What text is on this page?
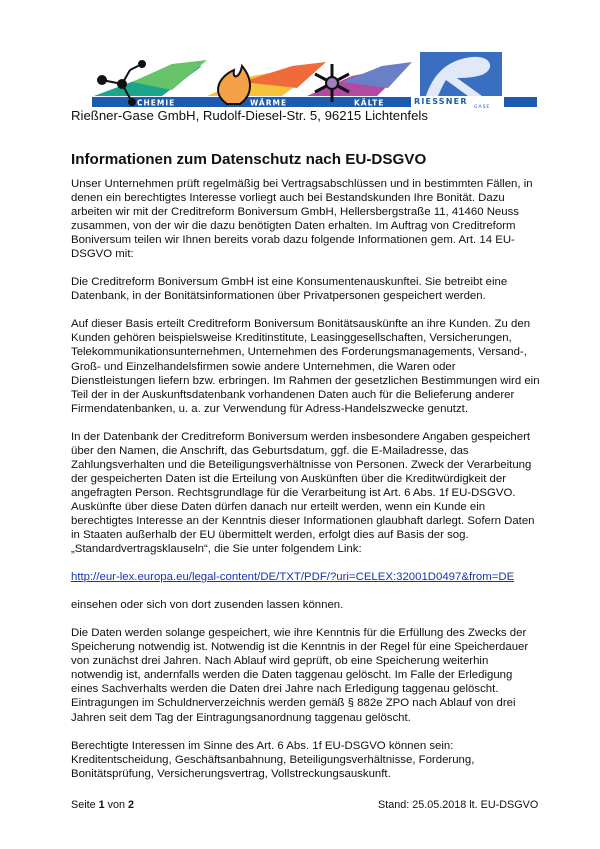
CHEMIE	WÄRME	KÄLTE	RIESSNER
GASE
Rießner-Gase GmbH, Rudolf-Diesel-Str. 5, 96215 Lichtenfels
Informationen zum Datenschutz nach EU-DSGVO

Unser Unternehmen prüft regelmäßig bei Vertragsabschlüssen und in bestimmten Fällen, in
denen ein berechtigtes Interesse vorliegt auch bei Bestandskunden Ihre Bonität. Dazu
arbeiten wir mit der Creditreform Boniversum GmbH, Hellersbergstraße 11, 41460 Neuss
zusammen, von der wir die dazu benötigten Daten erhalten. Im Auftrag von Creditreform
Boniversum teilen wir Ihnen bereits vorab dazu folgende Informationen gem. Art. 14 EU-
DSGVO mit:

Die Creditreform Boniversum GmbH ist eine Konsumentenauskunftei. Sie betreibt eine
Datenbank, in der Bonitätsinformationen über Privatpersonen gespeichert werden.

Auf dieser Basis erteilt Creditreform Boniversum Bonitätsauskünfte an ihre Kunden. Zu den
Kunden gehören beispielsweise Kreditinstitute, Leasinggesellschaften, Versicherungen,
Telekommunikationsunternehmen, Unternehmen des Forderungsmanagements, Versand-,
Groß- und Einzelhandelsfirmen sowie andere Unternehmen, die Waren oder
Dienstleistungen liefern bzw. erbringen. Im Rahmen der gesetzlichen Bestimmungen wird ein
Teil der in der Auskunftsdatenbank vorhandenen Daten auch für die Belieferung anderer
Firmendatenbanken, u. a. zur Verwendung für Adress-Handelszwecke genutzt.

In der Datenbank der Creditreform Boniversum werden insbesondere Angaben gespeichert
über den Namen, die Anschrift, das Geburtsdatum, ggf. die E-Mailadresse, das
Zahlungsverhalten und die Beteiligungsverhältnisse von Personen. Zweck der Verarbeitung
der gespeicherten Daten ist die Erteilung von Auskünften über die Kreditwürdigkeit der
angefragten Person. Rechtsgrundlage für die Verarbeitung ist Art. 6 Abs. 1f EU-DSGVO.
Auskünfte über diese Daten dürfen danach nur erteilt werden, wenn ein Kunde ein
berechtigtes Interesse an der Kenntnis dieser Informationen glaubhaft darlegt. Sofern Daten
in Staaten außerhalb der EU übermittelt werden, erfolgt dies auf Basis der sog.
„Standardvertragsklauseln“, die Sie unter folgendem Link:

http://eur-lex.europa.eu/legal-content/DE/TXT/PDF/?uri=CELEX:32001D0497&from=DE

einsehen oder sich von dort zusenden lassen können.

Die Daten werden solange gespeichert, wie ihre Kenntnis für die Erfüllung des Zwecks der
Speicherung notwendig ist. Notwendig ist die Kenntnis in der Regel für eine Speicherdauer
von zunächst drei Jahren. Nach Ablauf wird geprüft, ob eine Speicherung weiterhin
notwendig ist, andernfalls werden die Daten taggenau gelöscht. Im Falle der Erledigung
eines Sachverhalts werden die Daten drei Jahre nach Erledigung taggenau gelöscht.
Eintragungen im Schuldnerverzeichnis werden gemäß § 882e ZPO nach Ablauf von drei
Jahren seit dem Tag der Eintragungsanordnung taggenau gelöscht.

Berechtigte Interessen im Sinne des Art. 6 Abs. 1f EU-DSGVO können sein:
Kreditentscheidung, Geschäftsanbahnung, Beteiligungsverhältnisse, Forderung,
Bonitätsprüfung, Versicherungsvertrag, Vollstreckungsauskunft.

Seite 1 von 2	Stand: 25.05.2018 lt. EU-DSGVO
